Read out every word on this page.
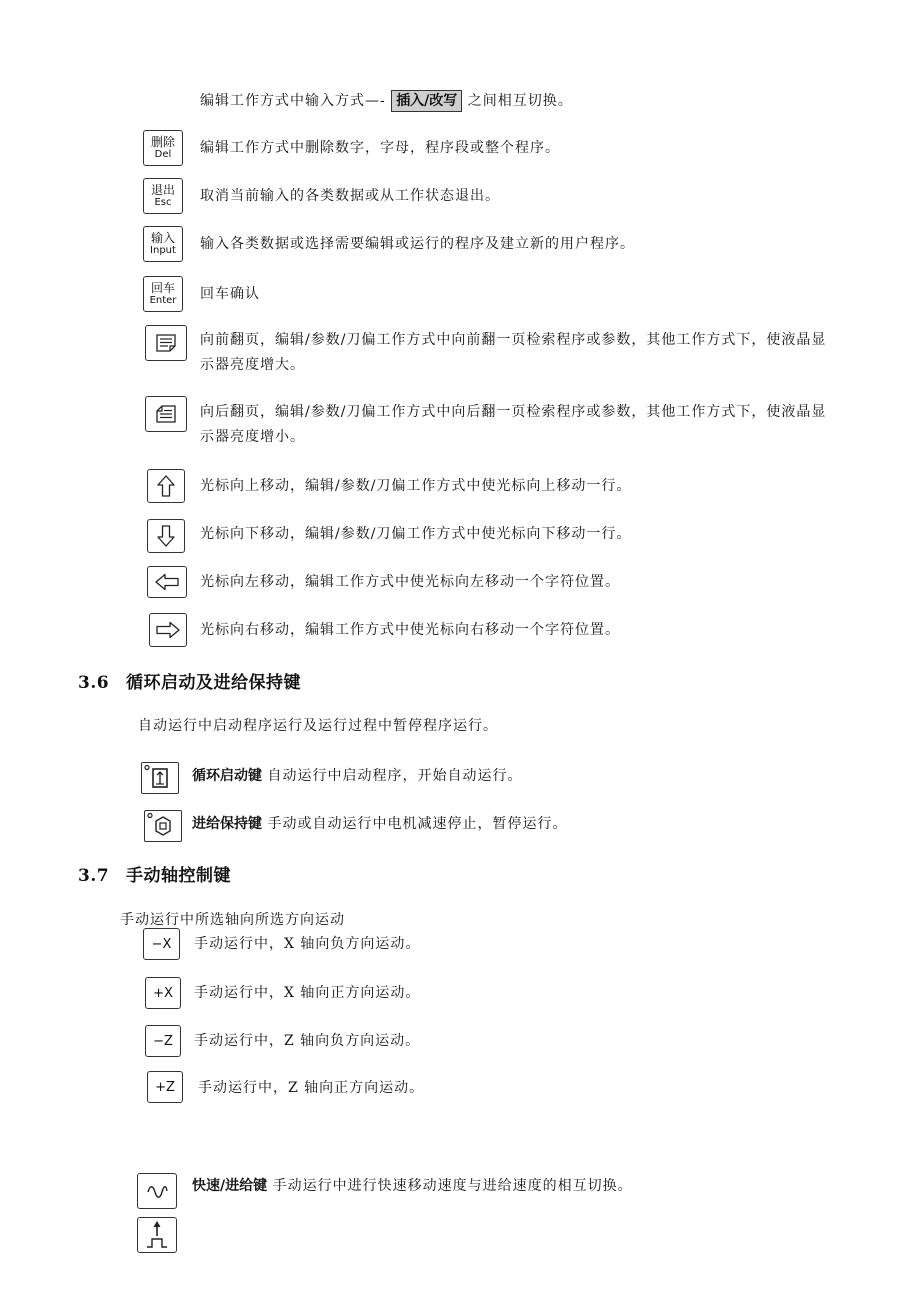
编辑工作方式中输入方式—- 插入/改写 之间相互切换。
删除
Del 编辑工作方式中删除数字，字母，程序段或整个程序。
退出
Esc 取消当前输入的各类数据或从工作状态退出。
输入
Input 输入各类数据或选择需要编辑或运行的程序及建立新的用户程序。
回车
Enter 回车确认
向前翻页，编辑/参数/刀偏工作方式中向前翻一页检索程序或参数，其他工作方式下，使液晶显示器亮度增大。
向后翻页，编辑/参数/刀偏工作方式中向后翻一页检索程序或参数，其他工作方式下，使液晶显示器亮度增小。
光标向上移动，编辑/参数/刀偏工作方式中使光标向上移动一行。
光标向下移动，编辑/参数/刀偏工作方式中使光标向下移动一行。
光标向左移动，编辑工作方式中使光标向左移动一个字符位置。
光标向右移动，编辑工作方式中使光标向右移动一个字符位置。
3.6 循环启动及进给保持键
自动运行中启动程序运行及运行过程中暂停程序运行。
循环启动键 自动运行中启动程序，开始自动运行。
进给保持键 手动或自动运行中电机减速停止，暂停运行。
3.7 手动轴控制键
手动运行中所选轴向所选方向运动
−X 手动运行中，X 轴向负方向运动。
+X 手动运行中，X 轴向正方向运动。
−Z 手动运行中，Z 轴向负方向运动。
+Z 手动运行中，Z 轴向正方向运动。
快速/进给键 手动运行中进行快速移动速度与进给速度的相互切换。
